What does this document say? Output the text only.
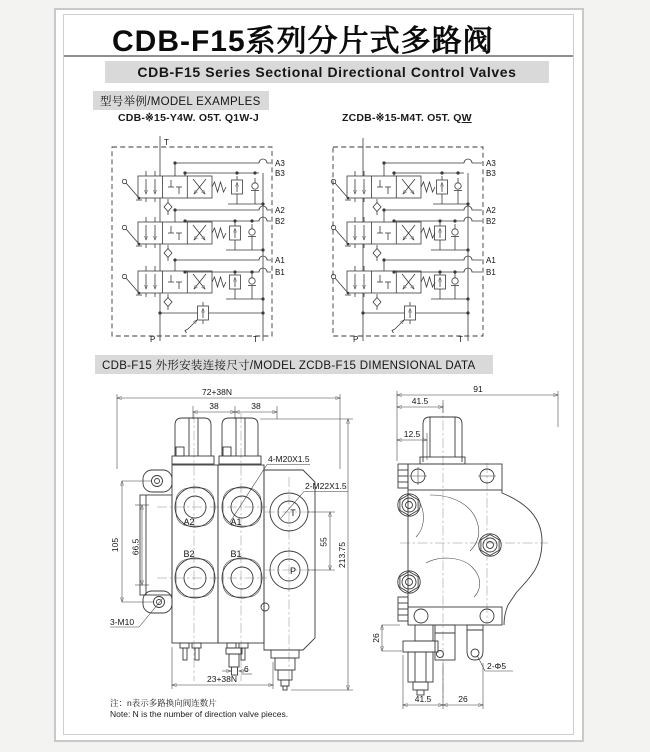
CDB-F15系列分片式多路阀
CDB-F15 Series Sectional Directional Control Valves
型号举例/MODEL EXAMPLES
CDB-※15-Y4W. O5T. Q1W-J	ZCDB-※15-M4T. O5T. QW
T
A3
B3
A2
B2
A1
B1
P	T
A3
B3
A2
B2
A1
B1
P	T
CDB-F15 外形安装连接尺寸/MODEL ZCDB-F15 DIMENSIONAL DATA
72+38N
38	38
105 66.5	55 213.75
23+38N
6
4-M20X1.5
2-M22X1.5
3-M10
A2	A1
B2	B1
T
P
91
41.5
12.5
26
41.5	26
2-Φ5
注：n表示多路换向阀连数片
Note: N is the number of direction valve pieces.
